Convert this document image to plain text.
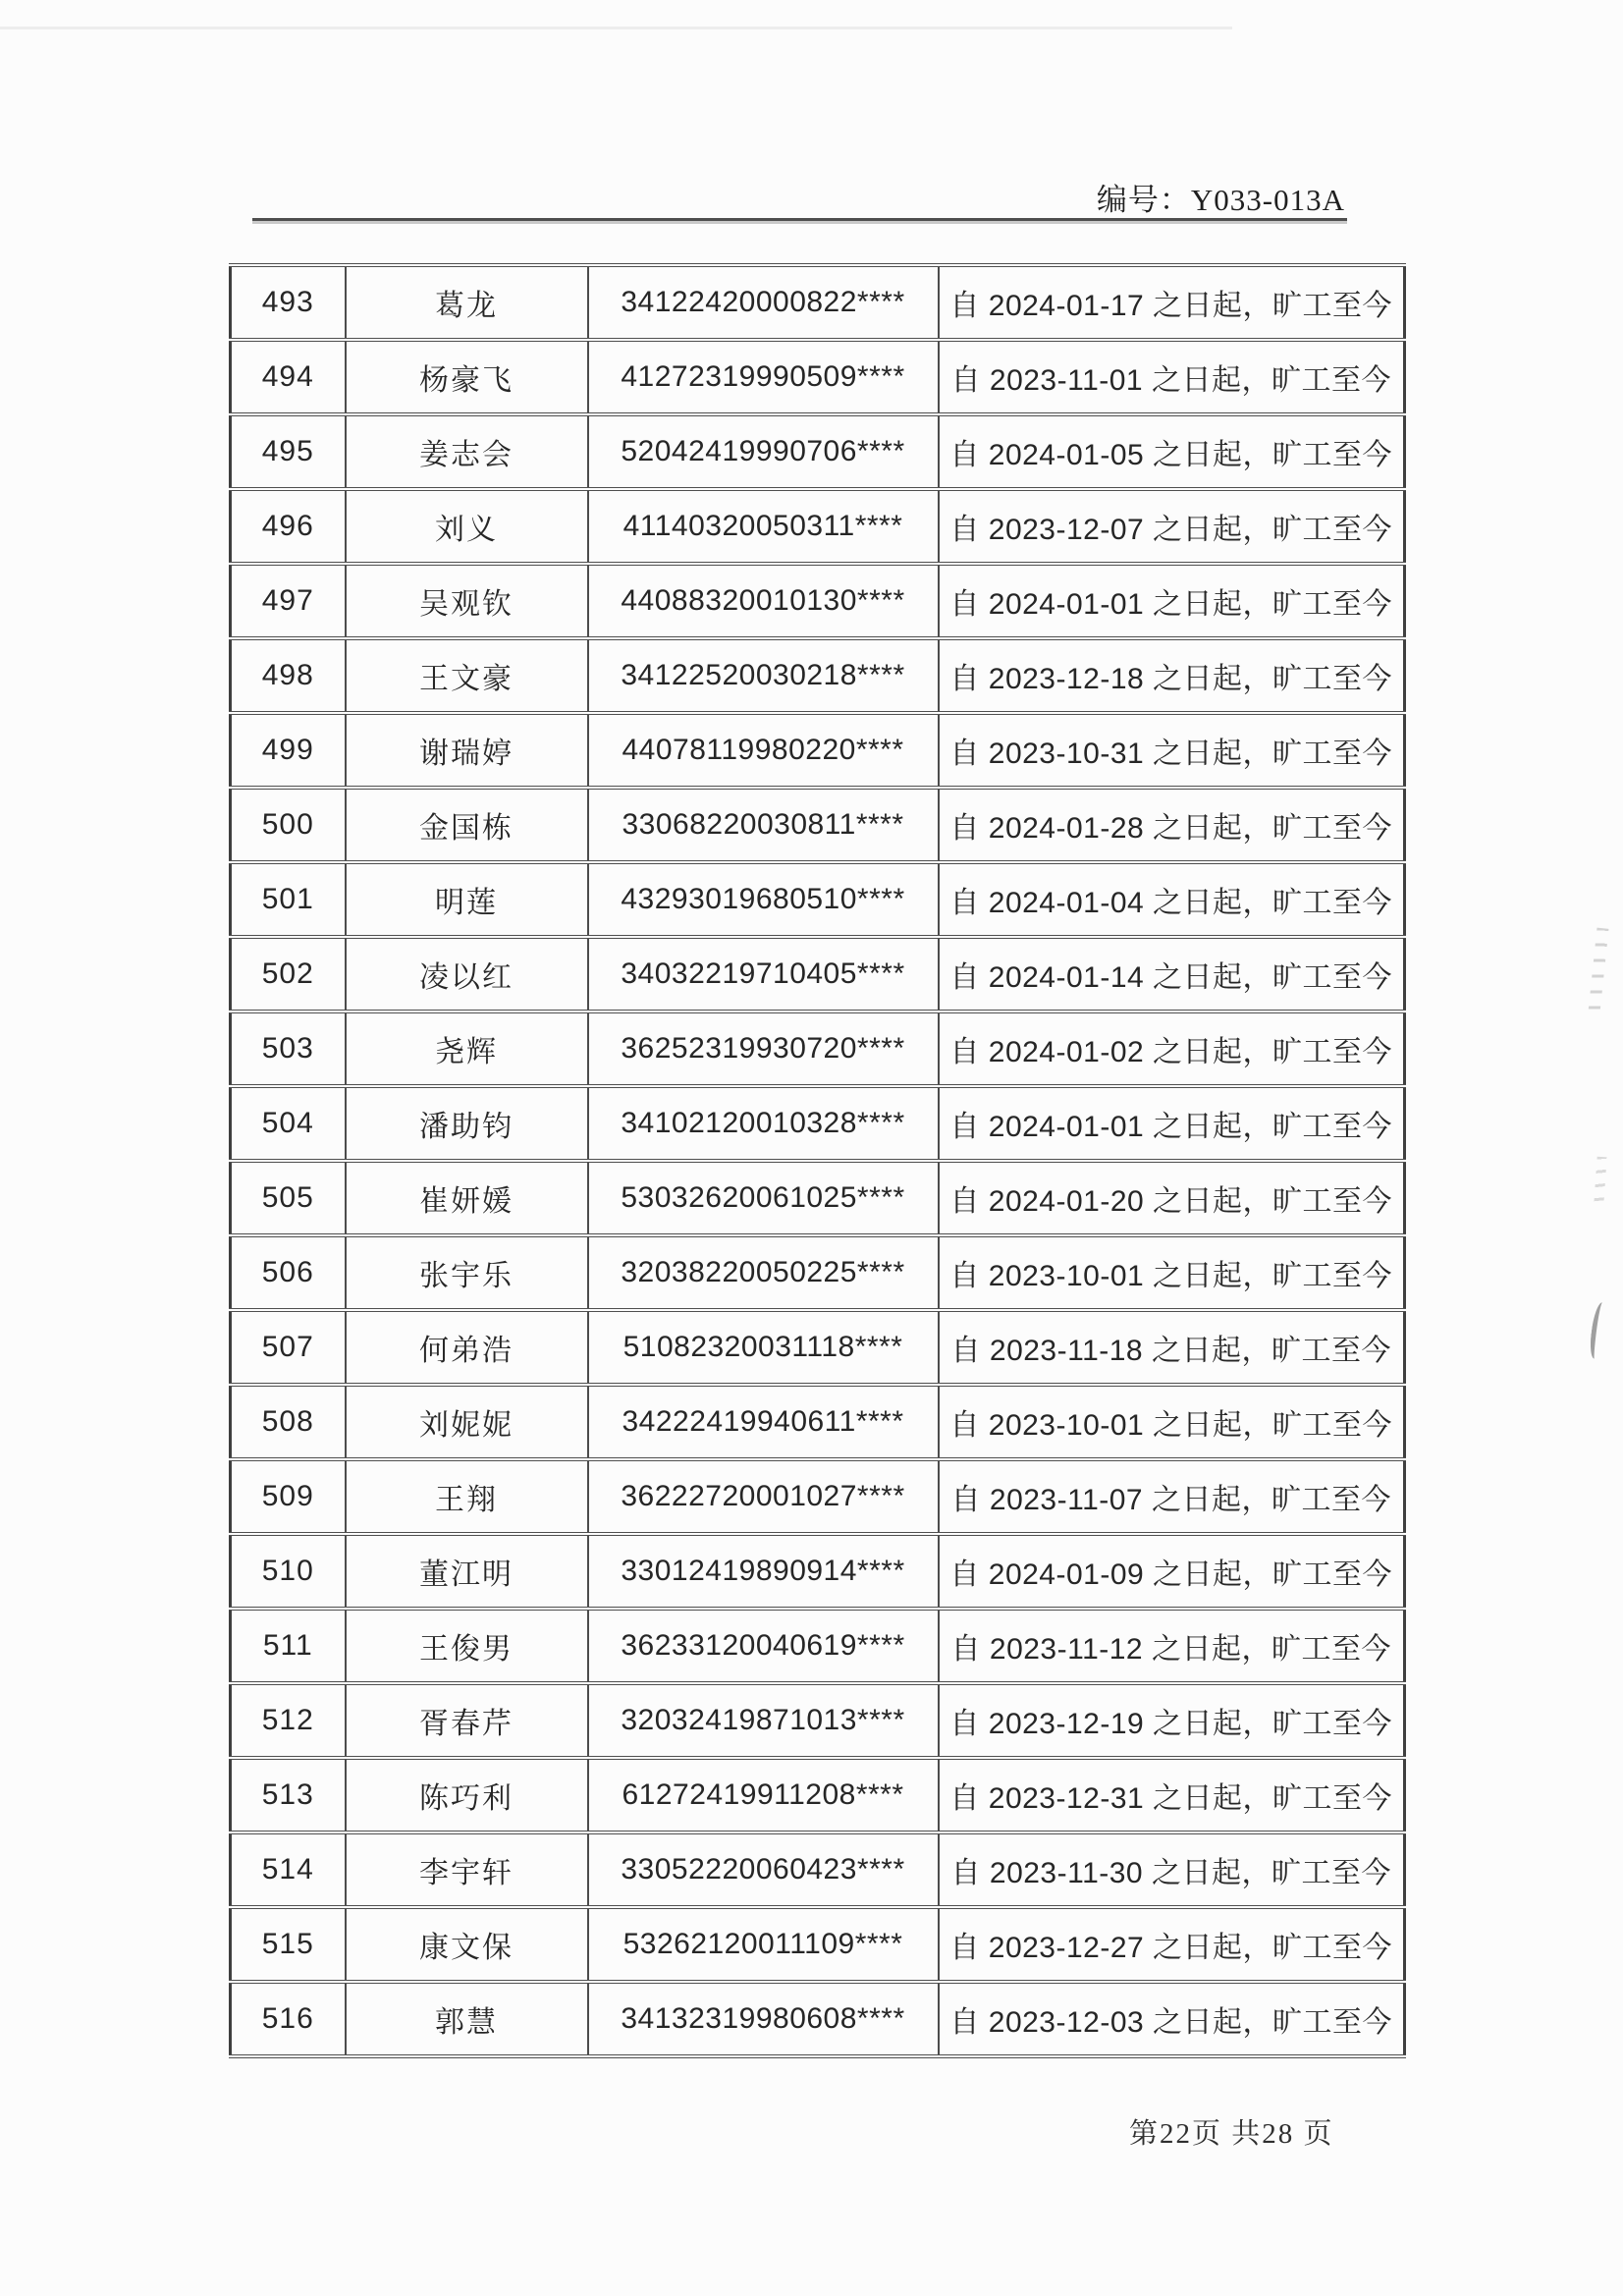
编号：Y033-013A
493	葛龙	34122420000822****	自 2024-01-17 之日起，旷工至今
494	杨豪飞	41272319990509****	自 2023-11-01 之日起，旷工至今
495	姜志会	52042419990706****	自 2024-01-05 之日起，旷工至今
496	刘义	41140320050311****	自 2023-12-07 之日起，旷工至今
497	吴观钦	44088320010130****	自 2024-01-01 之日起，旷工至今
498	王文豪	34122520030218****	自 2023-12-18 之日起，旷工至今
499	谢瑞婷	44078119980220****	自 2023-10-31 之日起，旷工至今
500	金国栋	33068220030811****	自 2024-01-28 之日起，旷工至今
501	明莲	43293019680510****	自 2024-01-04 之日起，旷工至今
502	凌以红	34032219710405****	自 2024-01-14 之日起，旷工至今
503	尧辉	36252319930720****	自 2024-01-02 之日起，旷工至今
504	潘助钧	34102120010328****	自 2024-01-01 之日起，旷工至今
505	崔妍媛	53032620061025****	自 2024-01-20 之日起，旷工至今
506	张宇乐	32038220050225****	自 2023-10-01 之日起，旷工至今
507	何弟浩	51082320031118****	自 2023-11-18 之日起，旷工至今
508	刘妮妮	34222419940611****	自 2023-10-01 之日起，旷工至今
509	王翔	36222720001027****	自 2023-11-07 之日起，旷工至今
510	董江明	33012419890914****	自 2024-01-09 之日起，旷工至今
511	王俊男	36233120040619****	自 2023-11-12 之日起，旷工至今
512	胥春芹	32032419871013****	自 2023-12-19 之日起，旷工至今
513	陈巧利	61272419911208****	自 2023-12-31 之日起，旷工至今
514	李宇轩	33052220060423****	自 2023-11-30 之日起，旷工至今
515	康文保	53262120011109****	自 2023-12-27 之日起，旷工至今
516	郭慧	34132319980608****	自 2023-12-03 之日起，旷工至今
第22页 共28 页
